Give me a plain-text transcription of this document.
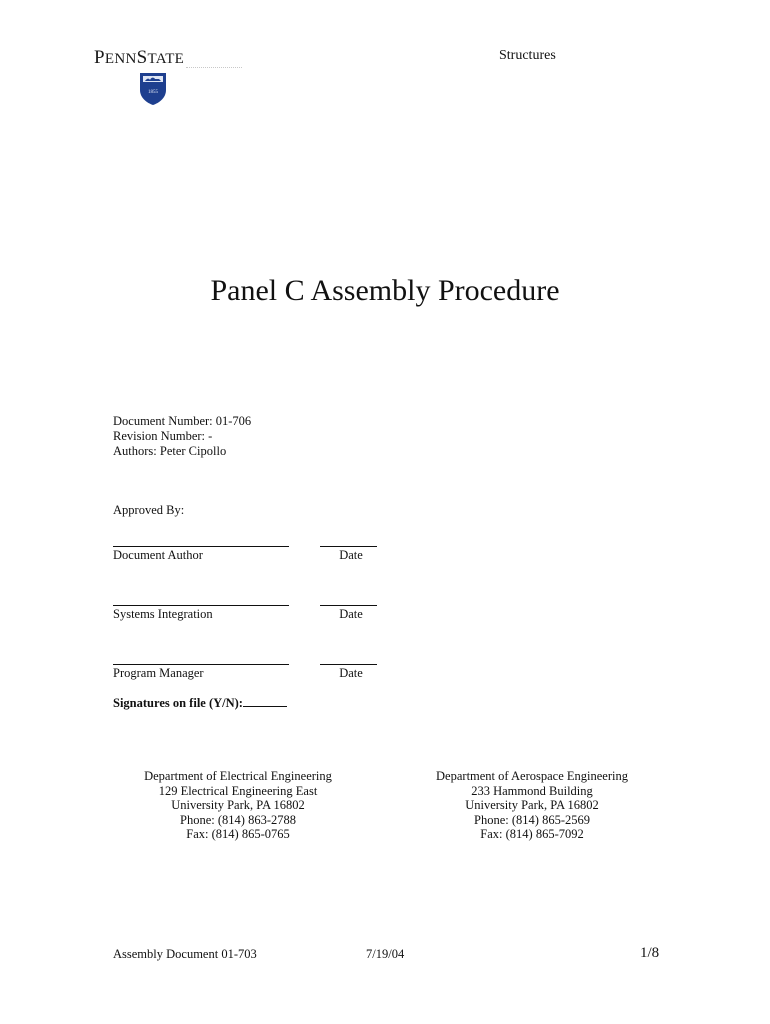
PENNSTATE
1855
Structures
Panel C Assembly Procedure
Document Number: 01-706
Revision Number: -
Authors: Peter Cipollo
Approved By:
Document Author	Date
Systems Integration	Date
Program Manager	Date
Signatures on file (Y/N):
Department of Electrical Engineering
129 Electrical Engineering East
University Park, PA 16802
Phone: (814) 863-2788
Fax: (814) 865-0765
Department of Aerospace Engineering
233 Hammond Building
University Park, PA 16802
Phone: (814) 865-2569
Fax: (814) 865-7092
Assembly Document 01-703	7/19/04	1/8
